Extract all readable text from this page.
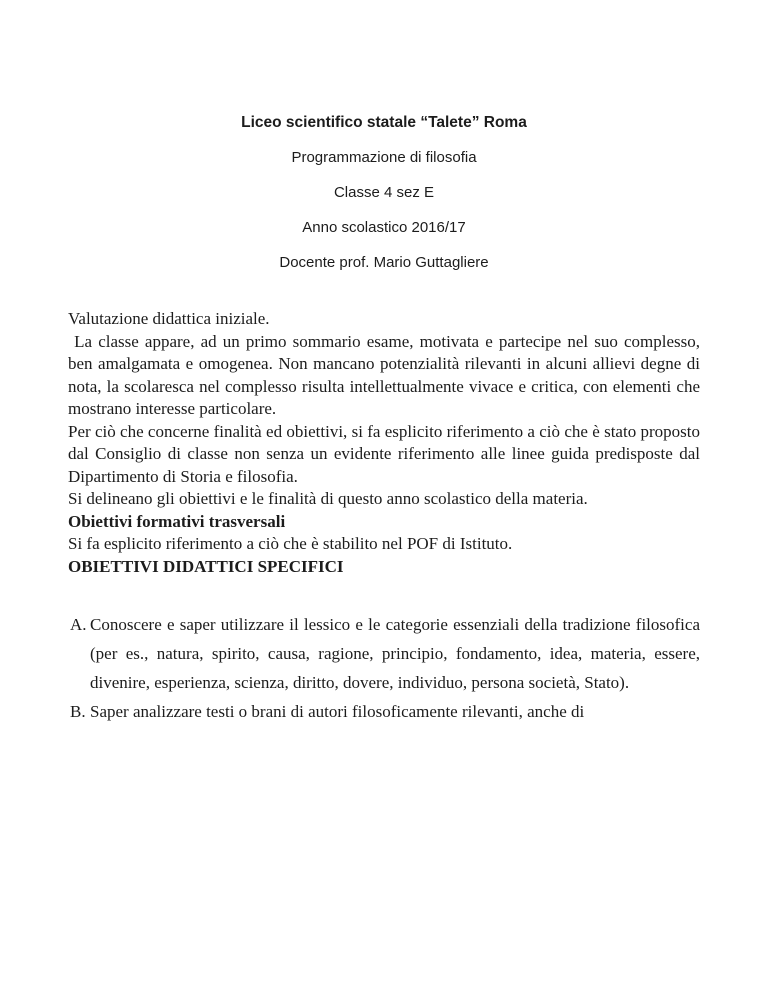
Liceo scientifico statale “Talete” Roma
Programmazione di filosofia
Classe 4 sez E
Anno scolastico 2016/17
Docente prof. Mario Guttagliere

Valutazione didattica iniziale.

La classe appare, ad un primo sommario esame, motivata e partecipe nel suo complesso, ben amalgamata e omogenea. Non mancano potenzialità rilevanti in alcuni allievi degne di nota, la scolaresca nel complesso risulta intellettualmente vivace e critica, con elementi che mostrano interesse particolare.

Per ciò che concerne finalità ed obiettivi, si fa esplicito riferimento a ciò che è stato proposto dal Consiglio di classe non senza un evidente riferimento alle linee guida predisposte dal Dipartimento di Storia e filosofia.

Si delineano gli obiettivi e le finalità di questo anno scolastico della materia.

Obiettivi formativi trasversali

Si fa esplicito riferimento a ciò che è stabilito nel POF di Istituto.

OBIETTIVI DIDATTICI SPECIFICI

A. Conoscere e saper utilizzare il lessico e le categorie essenziali della tradizione filosofica (per es., natura, spirito, causa, ragione, principio, fondamento, idea, materia, essere, divenire, esperienza, scienza, diritto, dovere, individuo, persona società, Stato).
B. Saper analizzare testi o brani di autori filosoficamente rilevanti, anche di
